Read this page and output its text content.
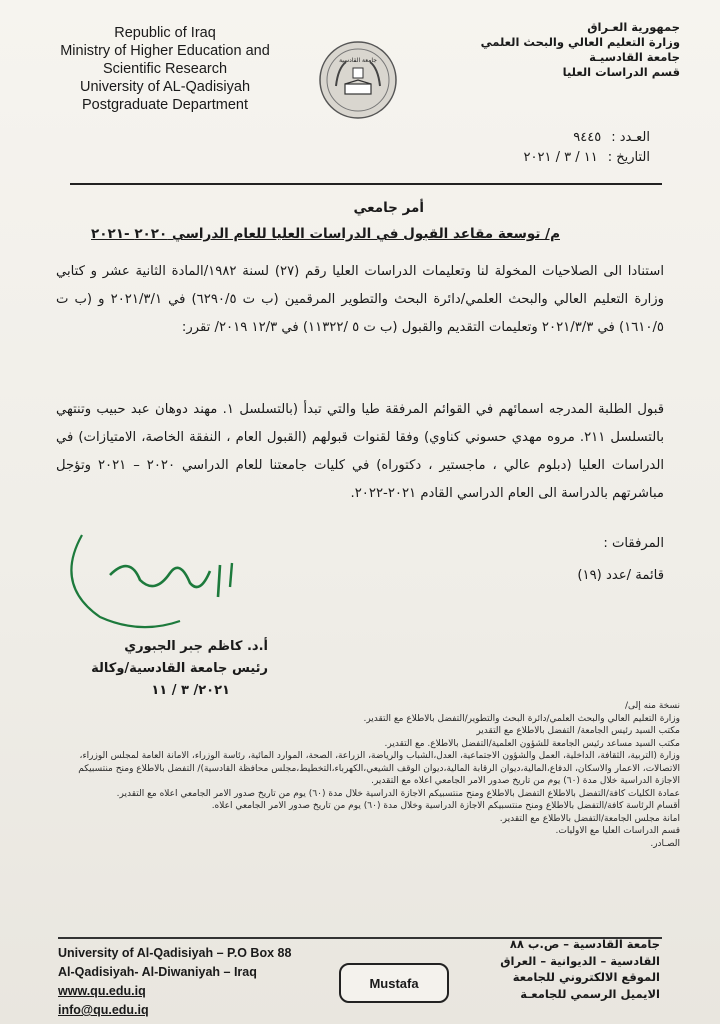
Republic of Iraq
Ministry of Higher Education and
Scientific Research
University of AL-Qadisiyah
Postgraduate Department
جامعة القادسية
جمهورية العـراق
وزارة التعليم العالي والبحث العلمي
جامعة القادسيـة
قسم الدراسات العليا
العـدد :٩٤٤٥
التاريخ :١١ / ٣ / ٢٠٢١
أمر جامعي
م/ توسعة مقاعد القبول في الدراسات العليا للعام الدراسي ٢٠٢٠ -٢٠٢١
استنادا الى الصلاحيات المخولة لنا وتعليمات الدراسات العليا رقم (٢٧) لسنة ١٩٨٢/المادة الثانية عشر و كتابي وزارة التعليم العالي والبحث العلمي/دائرة البحث والتطوير المرقمين (ب ت ٦٢٩٠/٥) في ٢٠٢١/٣/١ و (ب ت ١٦١٠/٥) في ٢٠٢١/٣/٣ وتعليمات التقديم والقبول (ب ت ٥ /١١٣٢٢) في ١٢/٣ ٢٠١٩/ تقرر:
قبول الطلبة المدرجه اسمائهم في القوائم المرفقة طيا والتي تبدأ (بالتسلسل ١. مهند دوهان عبد حبيب وتنتهي بالتسلسل ٢١١. مروه مهدي حسوني كناوي) وفقا لقنوات قبولهم (القبول العام ، النفقة الخاصة، الامتيازات) في الدراسات العليا (دبلوم عالي ، ماجستير ، دكتوراه) في كليات جامعتنا للعام الدراسي ٢٠٢٠ – ٢٠٢١ وتؤجل مباشرتهم بالدراسة الى العام الدراسي القادم ٢٠٢١-٢٠٢٢.
المرفقات :
قائمة /عدد (١٩)
أ.د. كاظم جبر الجبوري
رئيس جامعة القادسية/وكالة
٢٠٢١/ ٣ / ١١
نسخة منه إلى/
وزارة التعليم العالي والبحث العلمي/دائرة البحث والتطوير/التفضل بالاطلاع مع التقدير.
مكتب السيد رئيس الجامعة/ التفضل بالاطلاع مع التقدير
مكتب السيد مساعد رئيس الجامعة للشؤون العلمية/التفضل بالاطلاع. مع التقدير.
وزارة (التربية، الثقافة، الداخلية، العمل والشؤون الاجتماعية، العدل،الشباب والرياضة، الزراعة، الصحة، الموارد المائية، رئاسة الوزراء، الامانة العامة لمجلس الوزراء، الاتصالات، الاعمار والاسكان، الدفاع،المالية،ديوان الرقابة المالية،ديوان الوقف الشيعي،الكهرباء،التخطيط،مجلس محافظة القادسية)/ التفضل بالاطلاع ومنح منتسبيكم الاجازة الدراسية خلال مدة (٦٠) يوم من تاريخ صدور الامر الجامعي اعلاه مع التقدير.
عمادة الكليات كافة/التفضل بالاطلاع التفضل بالاطلاع ومنح منتسبيكم الاجازة الدراسية خلال مدة (٦٠) يوم من تاريخ صدور الامر الجامعي اعلاه مع التقدير.
أقسام الرئاسة كافة/التفضل بالاطلاع ومنح منتسبيكم الاجازة الدراسية وخلال مدة (٦٠) يوم من تاريخ صدور الامر الجامعي اعلاه.
امانة مجلس الجامعة/التفضل بالاطلاع مع التقدير.
قسم الدراسات العليا مع الاوليات.
الصـادر.
University of Al-Qadisiyah – P.O Box 88
Al-Qadisiyah- Al-Diwaniyah – Iraq
www.qu.edu.iq
info@qu.edu.iq
Mustafa
جامعة القادسية – ص.ب ٨٨
القادسية – الديوانية – العراق
الموقع الالكتروني للجامعة
الايميل الرسمي للجامعـة
